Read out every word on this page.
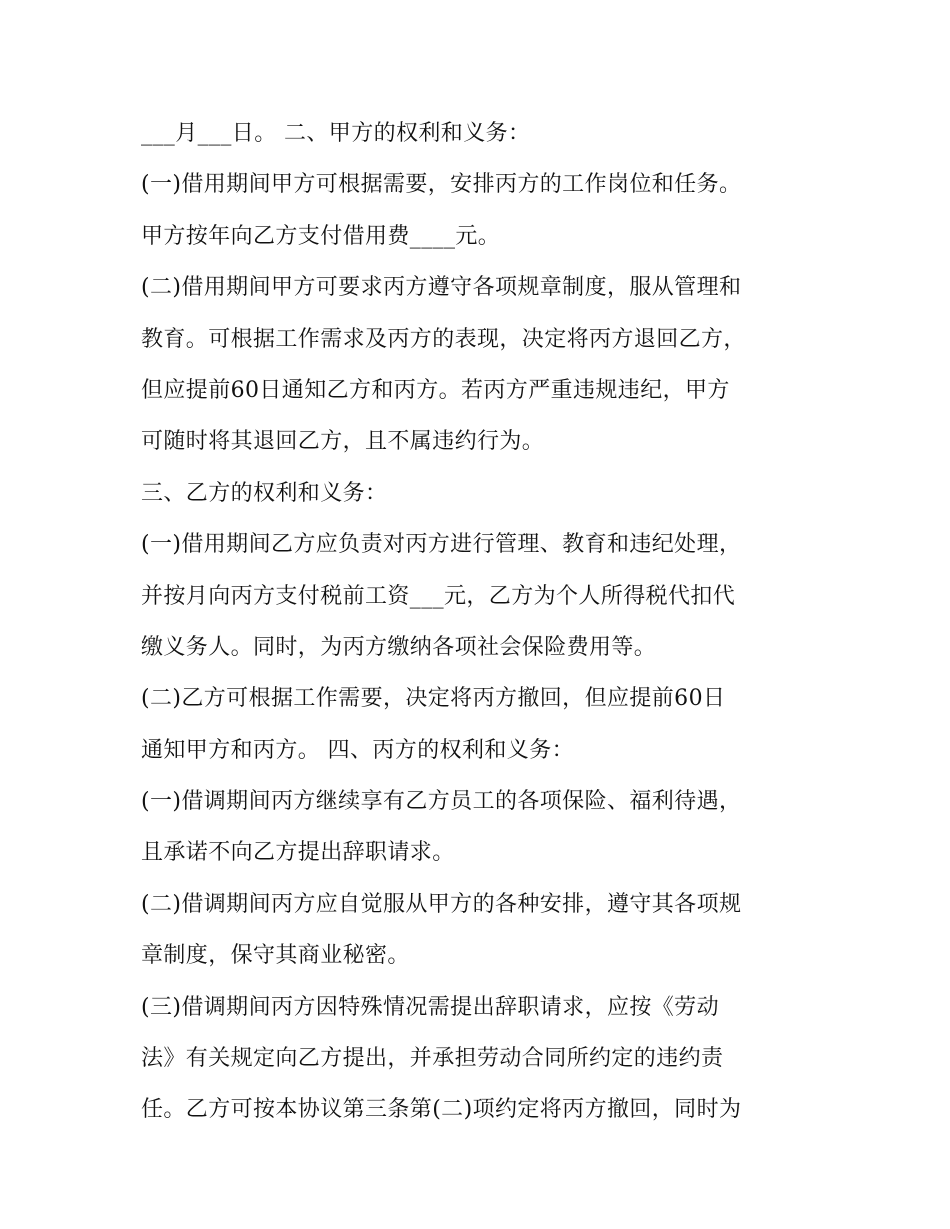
___月___日。 二、甲方的权利和义务：
(一)借用期间甲方可根据需要，安排丙方的工作岗位和任务。
甲方按年向乙方支付借用费____元。
(二)借用期间甲方可要求丙方遵守各项规章制度，服从管理和
教育。可根据工作需求及丙方的表现，决定将丙方退回乙方，
但应提前60日通知乙方和丙方。若丙方严重违规违纪，甲方
可随时将其退回乙方，且不属违约行为。
三、乙方的权利和义务：
(一)借用期间乙方应负责对丙方进行管理、教育和违纪处理，
并按月向丙方支付税前工资___元，乙方为个人所得税代扣代
缴义务人。同时，为丙方缴纳各项社会保险费用等。
(二)乙方可根据工作需要，决定将丙方撤回，但应提前60日
通知甲方和丙方。 四、丙方的权利和义务：
(一)借调期间丙方继续享有乙方员工的各项保险、福利待遇，
且承诺不向乙方提出辞职请求。
(二)借调期间丙方应自觉服从甲方的各种安排，遵守其各项规
章制度，保守其商业秘密。
(三)借调期间丙方因特殊情况需提出辞职请求，应按《劳动
法》有关规定向乙方提出，并承担劳动合同所约定的违约责
任。乙方可按本协议第三条第(二)项约定将丙方撤回，同时为
